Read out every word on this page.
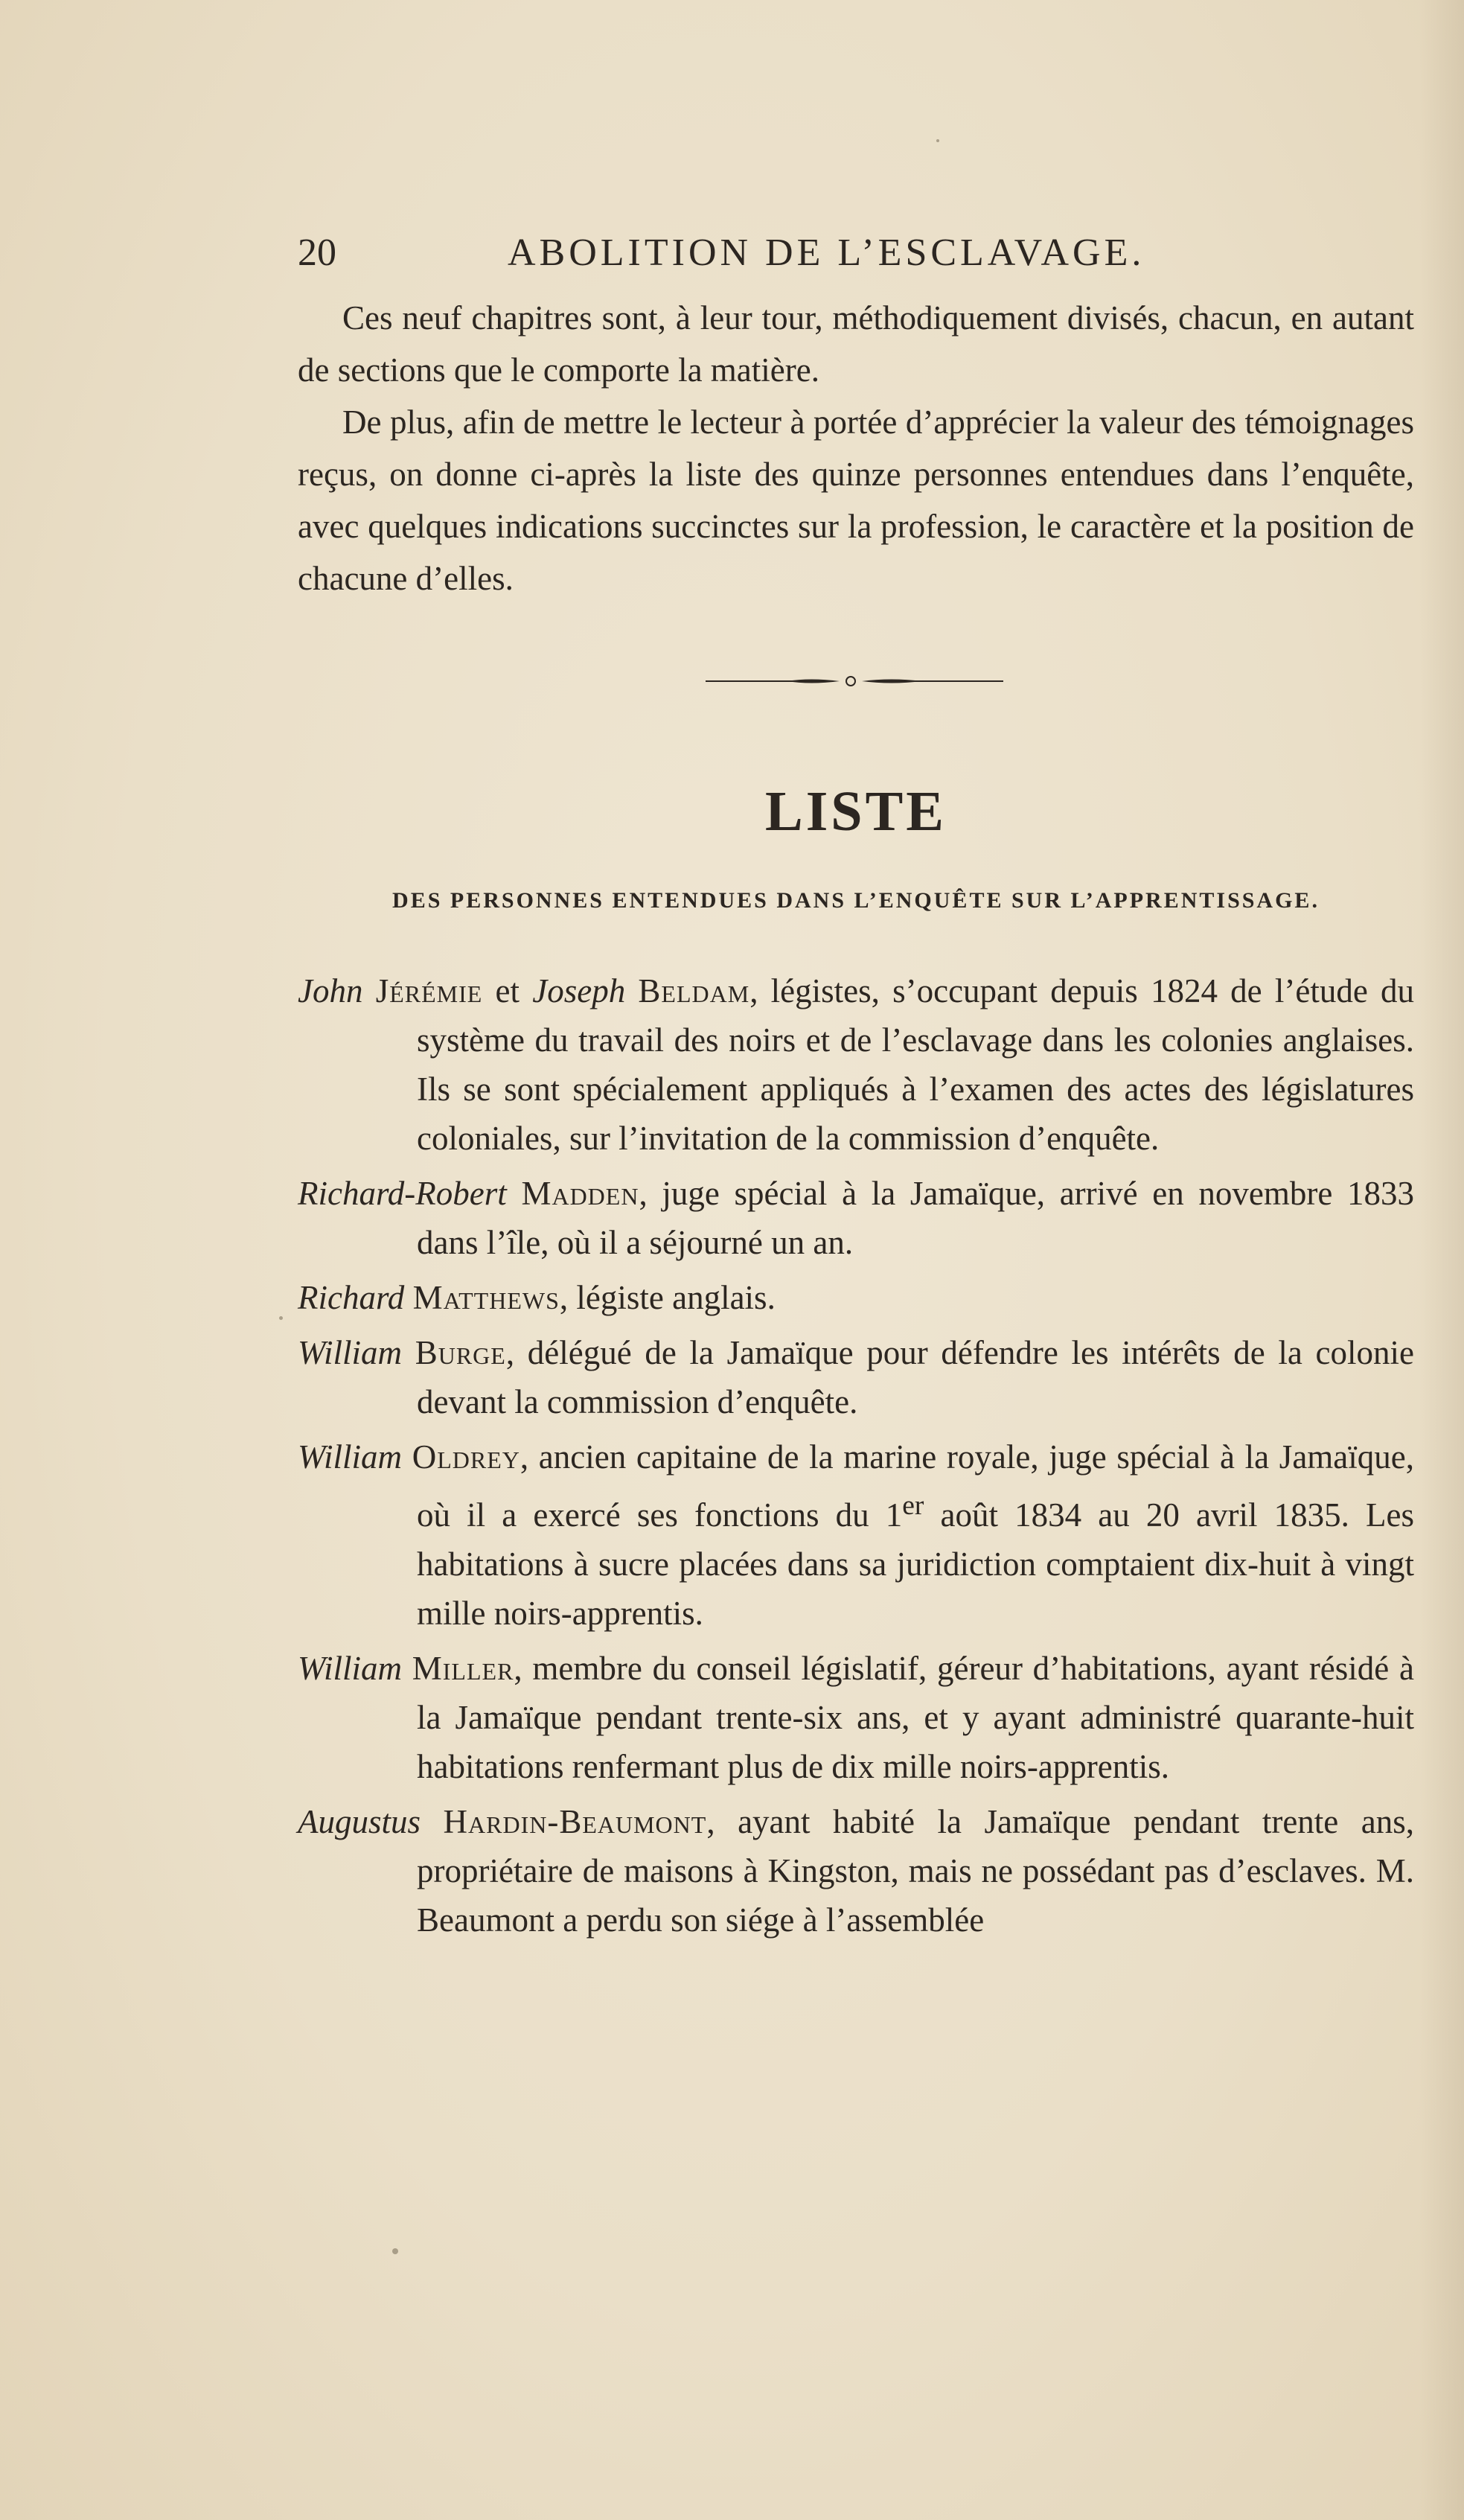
20	ABOLITION DE L’ESCLAVAGE.

Ces neuf chapitres sont, à leur tour, méthodiquement divisés, chacun, en autant de sections que le comporte la matière.

De plus, afin de mettre le lecteur à portée d’apprécier la valeur des témoignages reçus, on donne ci-après la liste des quinze personnes entendues dans l’enquête, avec quelques indications succinctes sur la profession, le caractère et la position de chacune d’elles.

LISTE
DES PERSONNES ENTENDUES DANS L’ENQUÊTE SUR L’APPRENTISSAGE.

John Jérémie et Joseph Beldam, légistes, s’occupant depuis 1824 de l’étude du système du travail des noirs et de l’esclavage dans les colonies anglaises. Ils se sont spécialement appliqués à l’examen des actes des législatures coloniales, sur l’invitation de la commission d’enquête.

Richard-Robert Madden, juge spécial à la Jamaïque, arrivé en novembre 1833 dans l’île, où il a séjourné un an.

Richard Matthews, légiste anglais.

William Burge, délégué de la Jamaïque pour défendre les intérêts de la colonie devant la commission d’enquête.

William Oldrey, ancien capitaine de la marine royale, juge spécial à la Jamaïque, où il a exercé ses fonctions du 1er août 1834 au 20 avril 1835. Les habitations à sucre placées dans sa juridiction comptaient dix-huit à vingt mille noirs-apprentis.

William Miller, membre du conseil législatif, géreur d’habitations, ayant résidé à la Jamaïque pendant trente-six ans, et y ayant administré quarante-huit habitations renfermant plus de dix mille noirs-apprentis.

Augustus Hardin-Beaumont, ayant habité la Jamaïque pendant trente ans, propriétaire de maisons à Kingston, mais ne possédant pas d’esclaves. M. Beaumont a perdu son siége à l’assemblée
